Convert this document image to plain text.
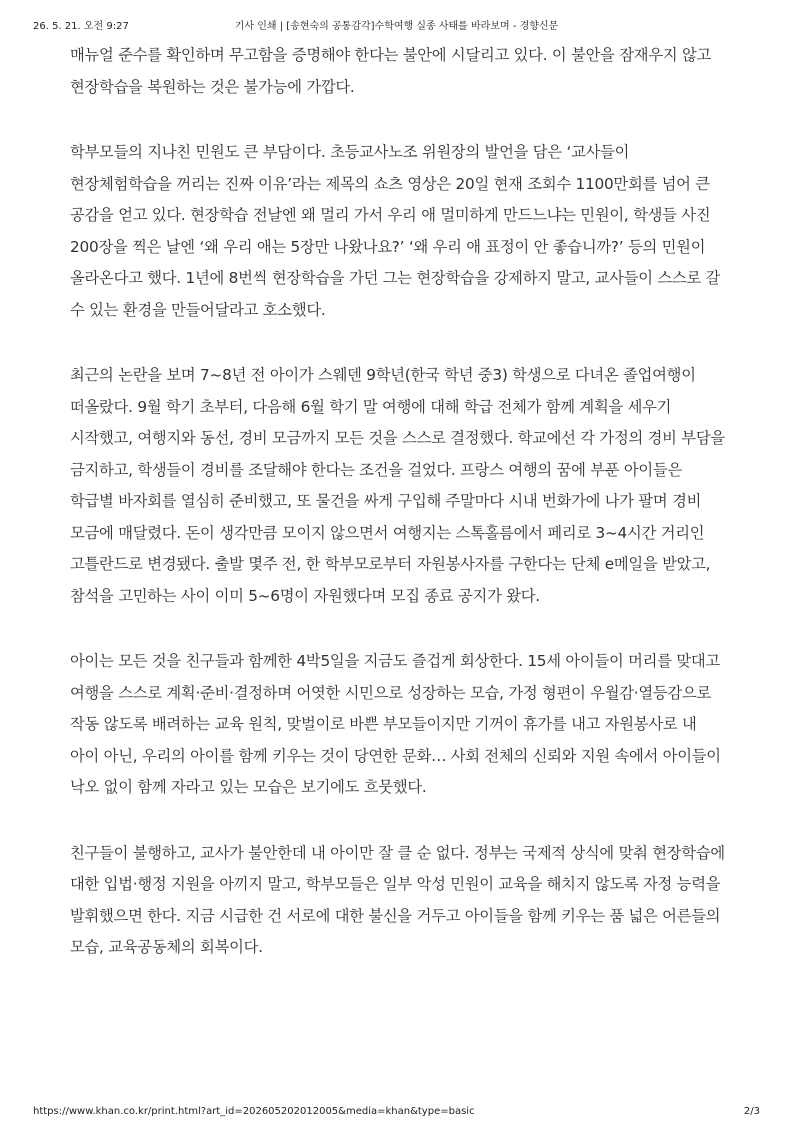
26. 5. 21. 오전 9:27	기사 인쇄 | [송현숙의 공통감각]수학여행 실종 사태를 바라보며 - 경향신문

매뉴얼 준수를 확인하며 무고함을 증명해야 한다는 불안에 시달리고 있다. 이 불안을 잠재우지 않고 현장학습을 복원하는 것은 불가능에 가깝다.

학부모들의 지나친 민원도 큰 부담이다. 초등교사노조 위원장의 발언을 담은 ‘교사들이 현장체험학습을 꺼리는 진짜 이유’라는 제목의 쇼츠 영상은 20일 현재 조회수 1100만회를 넘어 큰 공감을 얻고 있다. 현장학습 전날엔 왜 멀리 가서 우리 애 멀미하게 만드느냐는 민원이, 학생들 사진 200장을 찍은 날엔 ‘왜 우리 애는 5장만 나왔나요?’ ‘왜 우리 애 표정이 안 좋습니까?’ 등의 민원이 올라온다고 했다. 1년에 8번씩 현장학습을 가던 그는 현장학습을 강제하지 말고, 교사들이 스스로 갈 수 있는 환경을 만들어달라고 호소했다.

최근의 논란을 보며 7~8년 전 아이가 스웨덴 9학년(한국 학년 중3) 학생으로 다녀온 졸업여행이 떠올랐다. 9월 학기 초부터, 다음해 6월 학기 말 여행에 대해 학급 전체가 함께 계획을 세우기 시작했고, 여행지와 동선, 경비 모금까지 모든 것을 스스로 결정했다. 학교에선 각 가정의 경비 부담을 금지하고, 학생들이 경비를 조달해야 한다는 조건을 걸었다. 프랑스 여행의 꿈에 부푼 아이들은 학급별 바자회를 열심히 준비했고, 또 물건을 싸게 구입해 주말마다 시내 번화가에 나가 팔며 경비 모금에 매달렸다. 돈이 생각만큼 모이지 않으면서 여행지는 스톡홀름에서 페리로 3~4시간 거리인 고틀란드로 변경됐다. 출발 몇주 전, 한 학부모로부터 자원봉사자를 구한다는 단체 e메일을 받았고, 참석을 고민하는 사이 이미 5~6명이 자원했다며 모집 종료 공지가 왔다.

아이는 모든 것을 친구들과 함께한 4박5일을 지금도 즐겁게 회상한다. 15세 아이들이 머리를 맞대고 여행을 스스로 계획·준비·결정하며 어엿한 시민으로 성장하는 모습, 가정 형편이 우월감·열등감으로 작동 않도록 배려하는 교육 원칙, 맞벌이로 바쁜 부모들이지만 기꺼이 휴가를 내고 자원봉사로 내 아이 아닌, 우리의 아이를 함께 키우는 것이 당연한 문화… 사회 전체의 신뢰와 지원 속에서 아이들이 낙오 없이 함께 자라고 있는 모습은 보기에도 흐뭇했다.

친구들이 불행하고, 교사가 불안한데 내 아이만 잘 클 순 없다. 정부는 국제적 상식에 맞춰 현장학습에 대한 입법·행정 지원을 아끼지 말고, 학부모들은 일부 악성 민원이 교육을 해치지 않도록 자정 능력을 발휘했으면 한다. 지금 시급한 건 서로에 대한 불신을 거두고 아이들을 함께 키우는 품 넓은 어른들의 모습, 교육공동체의 회복이다.

https://www.khan.co.kr/print.html?art_id=202605202012005&media=khan&type=basic	2/3
